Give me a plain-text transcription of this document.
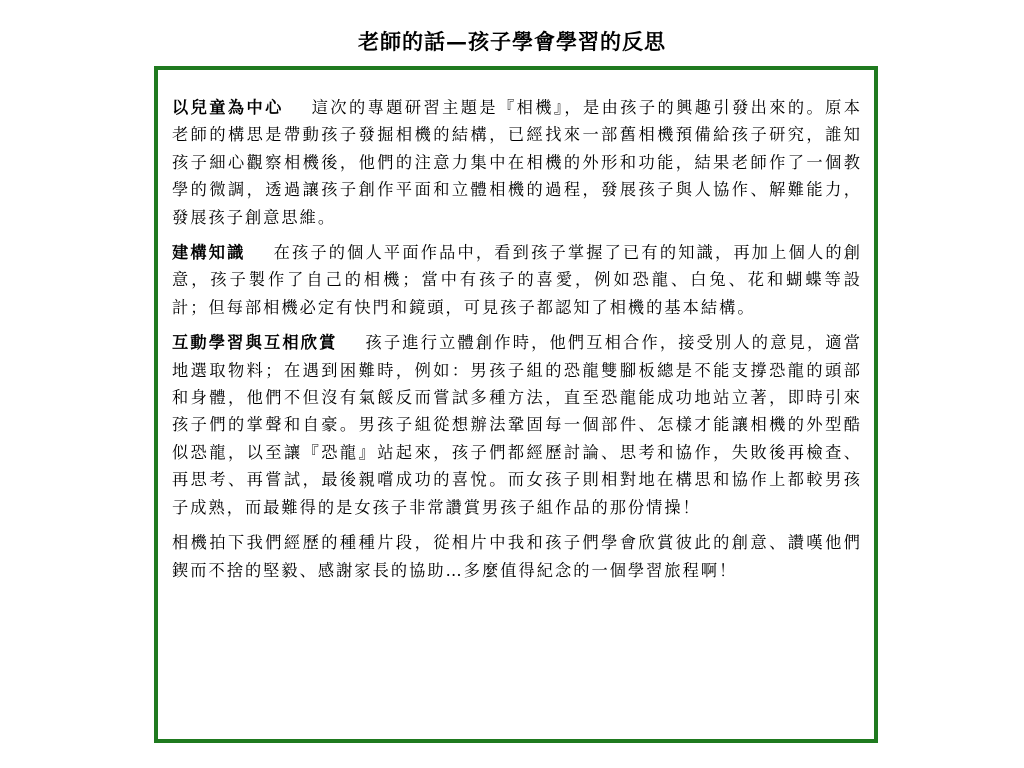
老師的話—孩子學會學習的反思

以兒童為中心 這次的專題研習主題是『相機』，是由孩子的興趣引發出來的。原本老師的構思是帶動孩子發掘相機的結構，已經找來一部舊相機預備給孩子研究，誰知孩子細心觀察相機後，他們的注意力集中在相機的外形和功能，結果老師作了一個教學的微調，透過讓孩子創作平面和立體相機的過程，發展孩子與人協作、解難能力，發展孩子創意思維。

建構知識 在孩子的個人平面作品中，看到孩子掌握了已有的知識，再加上個人的創意，孩子製作了自己的相機；當中有孩子的喜愛，例如恐龍、白兔、花和蝴蝶等設計；但每部相機必定有快門和鏡頭，可見孩子都認知了相機的基本結構。

互動學習與互相欣賞 孩子進行立體創作時，他們互相合作，接受別人的意見，適當地選取物料；在遇到困難時，例如：男孩子組的恐龍雙腳板總是不能支撐恐龍的頭部和身體，他們不但沒有氣餒反而嘗試多種方法，直至恐龍能成功地站立著，即時引來孩子們的掌聲和自豪。男孩子組從想辦法鞏固每一個部件、怎樣才能讓相機的外型酷似恐龍，以至讓『恐龍』站起來，孩子們都經歷討論、思考和協作，失敗後再檢查、再思考、再嘗試，最後親嚐成功的喜悅。而女孩子則相對地在構思和協作上都較男孩子成熟，而最難得的是女孩子非常讚賞男孩子組作品的那份情操！

相機拍下我們經歷的種種片段，從相片中我和孩子們學會欣賞彼此的創意、讚嘆他們鍥而不捨的堅毅、感謝家長的協助…多麼值得紀念的一個學習旅程啊！
